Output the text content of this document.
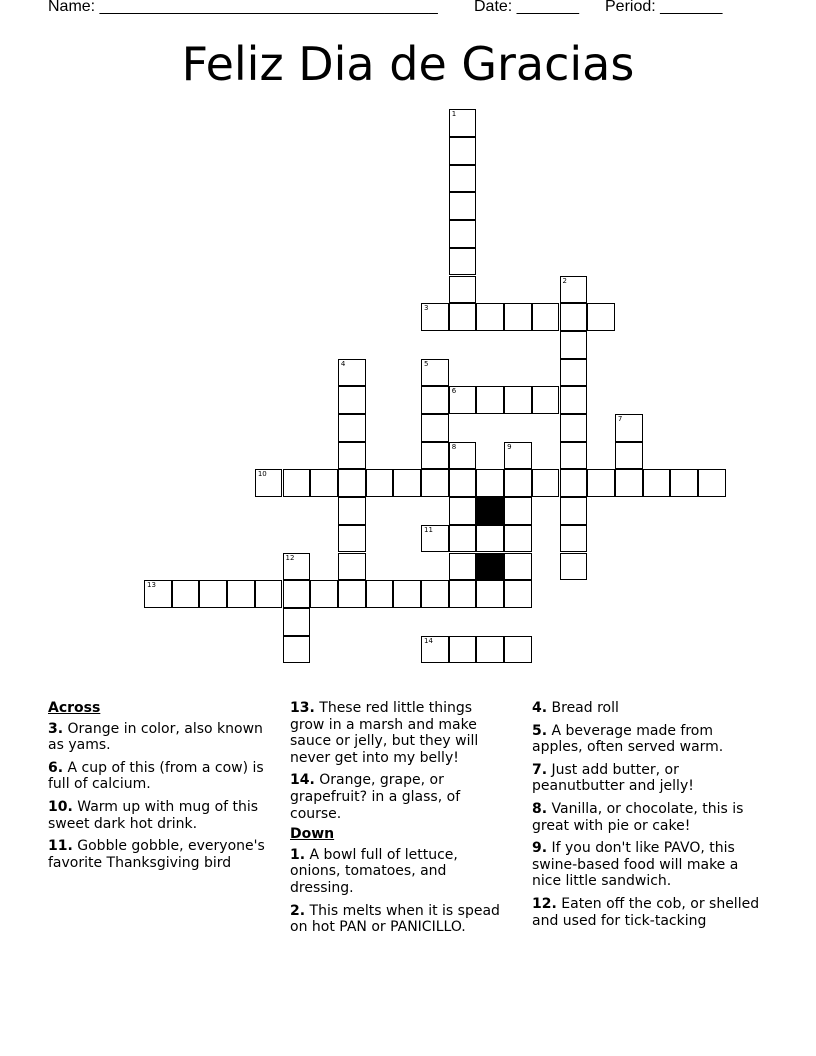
Name: ______________________________________ Date: _______ Period: _______
Feliz Dia de Gracias
1
2
3
4	5
6
7
8	9
10
11
12
13
14
Across
3. Orange in color, also known as yams.
6. A cup of this (from a cow) is full of calcium.
10. Warm up with mug of this sweet dark hot drink.
11. Gobble gobble, everyone's favorite Thanksgiving bird
13. These red little things grow in a marsh and make sauce or jelly, but they will never get into my belly!
14. Orange, grape, or grapefruit? in a glass, of course.
Down
1. A bowl full of lettuce, onions, tomatoes, and dressing.
2. This melts when it is spead on hot PAN or PANICILLO.
4. Bread roll
5. A beverage made from apples, often served warm.
7. Just add butter, or peanutbutter and jelly!
8. Vanilla, or chocolate, this is great with pie or cake!
9. If you don't like PAVO, this swine-based food will make a nice little sandwich.
12. Eaten off the cob, or shelled and used for tick-tacking
